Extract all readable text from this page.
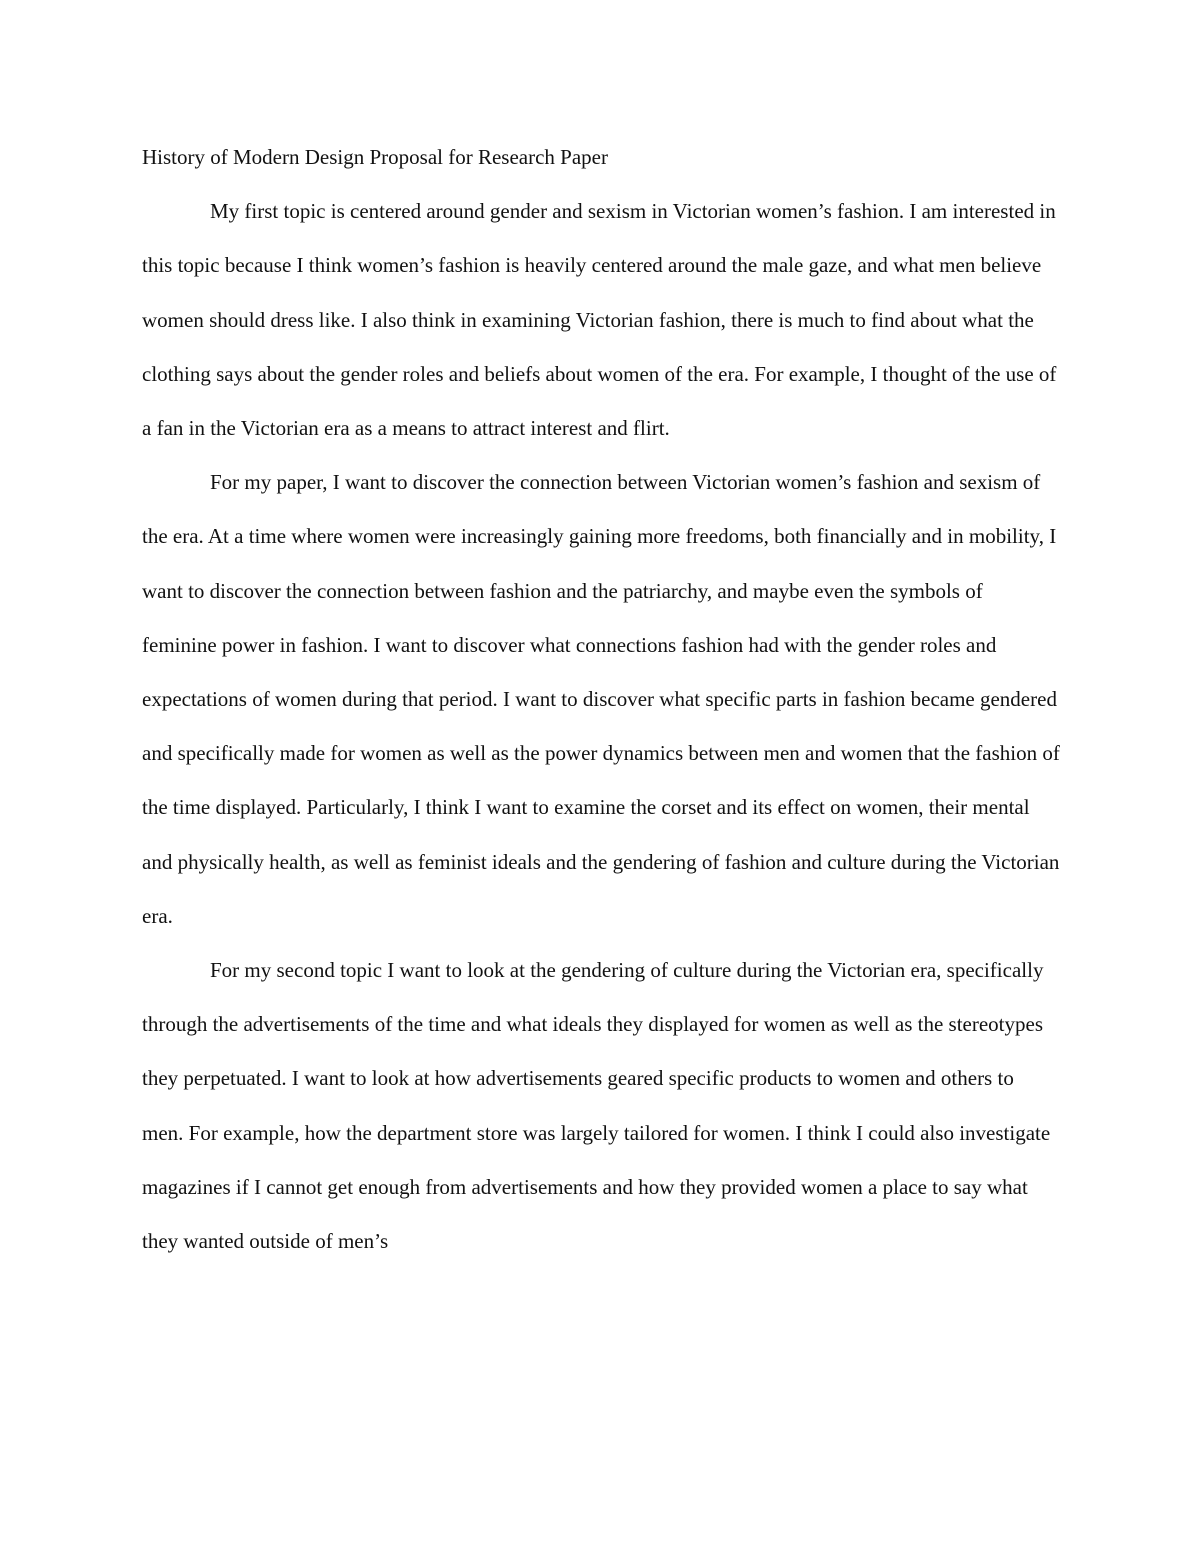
History of Modern Design Proposal for Research Paper

My first topic is centered around gender and sexism in Victorian women’s fashion. I am interested in this topic because I think women’s fashion is heavily centered around the male gaze, and what men believe women should dress like. I also think in examining Victorian fashion, there is much to find about what the clothing says about the gender roles and beliefs about women of the era. For example, I thought of the use of a fan in the Victorian era as a means to attract interest and flirt.

For my paper, I want to discover the connection between Victorian women’s fashion and sexism of the era. At a time where women were increasingly gaining more freedoms, both financially and in mobility, I want to discover the connection between fashion and the patriarchy, and maybe even the symbols of feminine power in fashion. I want to discover what connections fashion had with the gender roles and expectations of women during that period. I want to discover what specific parts in fashion became gendered and specifically made for women as well as the power dynamics between men and women that the fashion of the time displayed. Particularly, I think I want to examine the corset and its effect on women, their mental and physically health, as well as feminist ideals and the gendering of fashion and culture during the Victorian era.

For my second topic I want to look at the gendering of culture during the Victorian era, specifically through the advertisements of the time and what ideals they displayed for women as well as the stereotypes they perpetuated. I want to look at how advertisements geared specific products to women and others to men. For example, how the department store was largely tailored for women. I think I could also investigate magazines if I cannot get enough from advertisements and how they provided women a place to say what they wanted outside of men’s
